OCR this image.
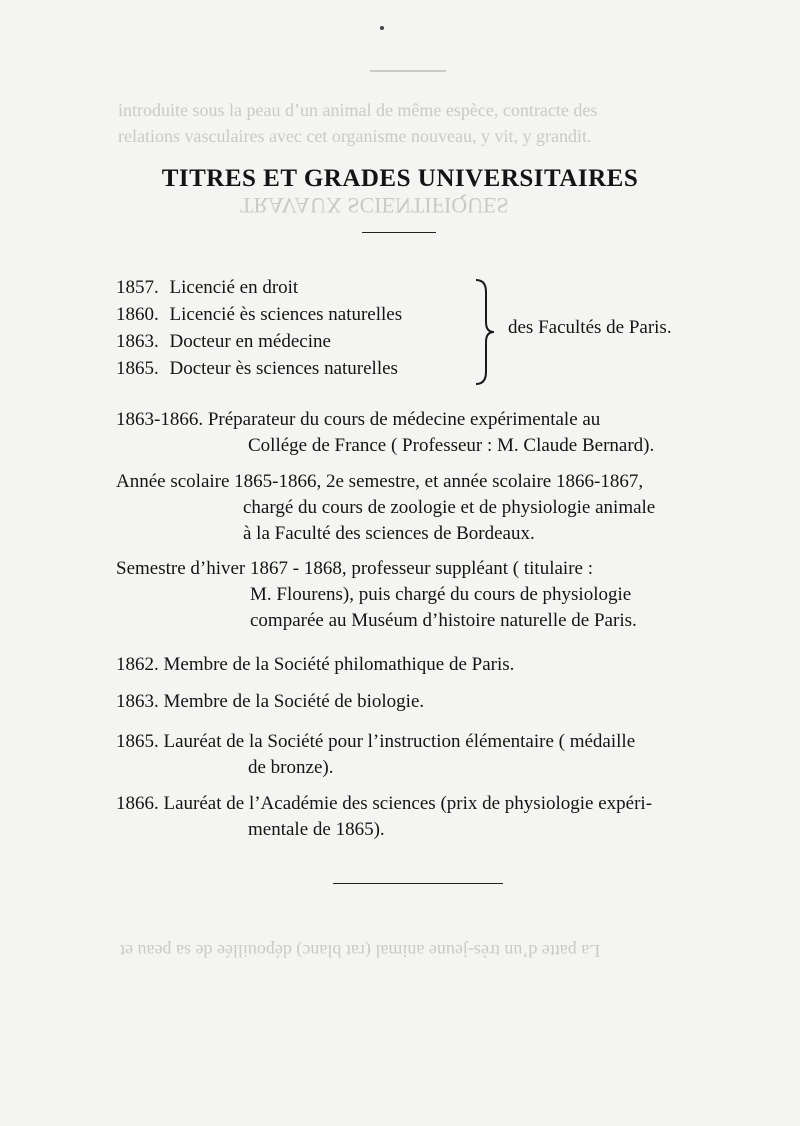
introduite sous la peau d’un animal de même espèce, contracte des
relations vasculaires avec cet organisme nouveau, y vit, y grandit.
TRAVAUX SCIENTIFIQUES
La patte d’un très-jeune animal (rat blanc) dépouillée de sa peau et
TITRES ET GRADES UNIVERSITAIRES
1857. Licencié en droit
1860. Licencié ès sciences naturelles
1863. Docteur en médecine
1865. Docteur ès sciences naturelles
des Facultés de Paris.
1863-1866. Préparateur du cours de médecine expérimentale au
Collége de France ( Professeur : M. Claude Bernard).
Année scolaire 1865-1866, 2e semestre, et année scolaire 1866-1867,
chargé du cours de zoologie et de physiologie animale
à la Faculté des sciences de Bordeaux.
Semestre d’hiver 1867 - 1868, professeur suppléant ( titulaire :
M. Flourens), puis chargé du cours de physiologie
comparée au Muséum d’histoire naturelle de Paris.
1862. Membre de la Société philomathique de Paris.
1863. Membre de la Société de biologie.
1865. Lauréat de la Société pour l’instruction élémentaire ( médaille
de bronze).
1866. Lauréat de l’Académie des sciences (prix de physiologie expéri-
mentale de 1865).
